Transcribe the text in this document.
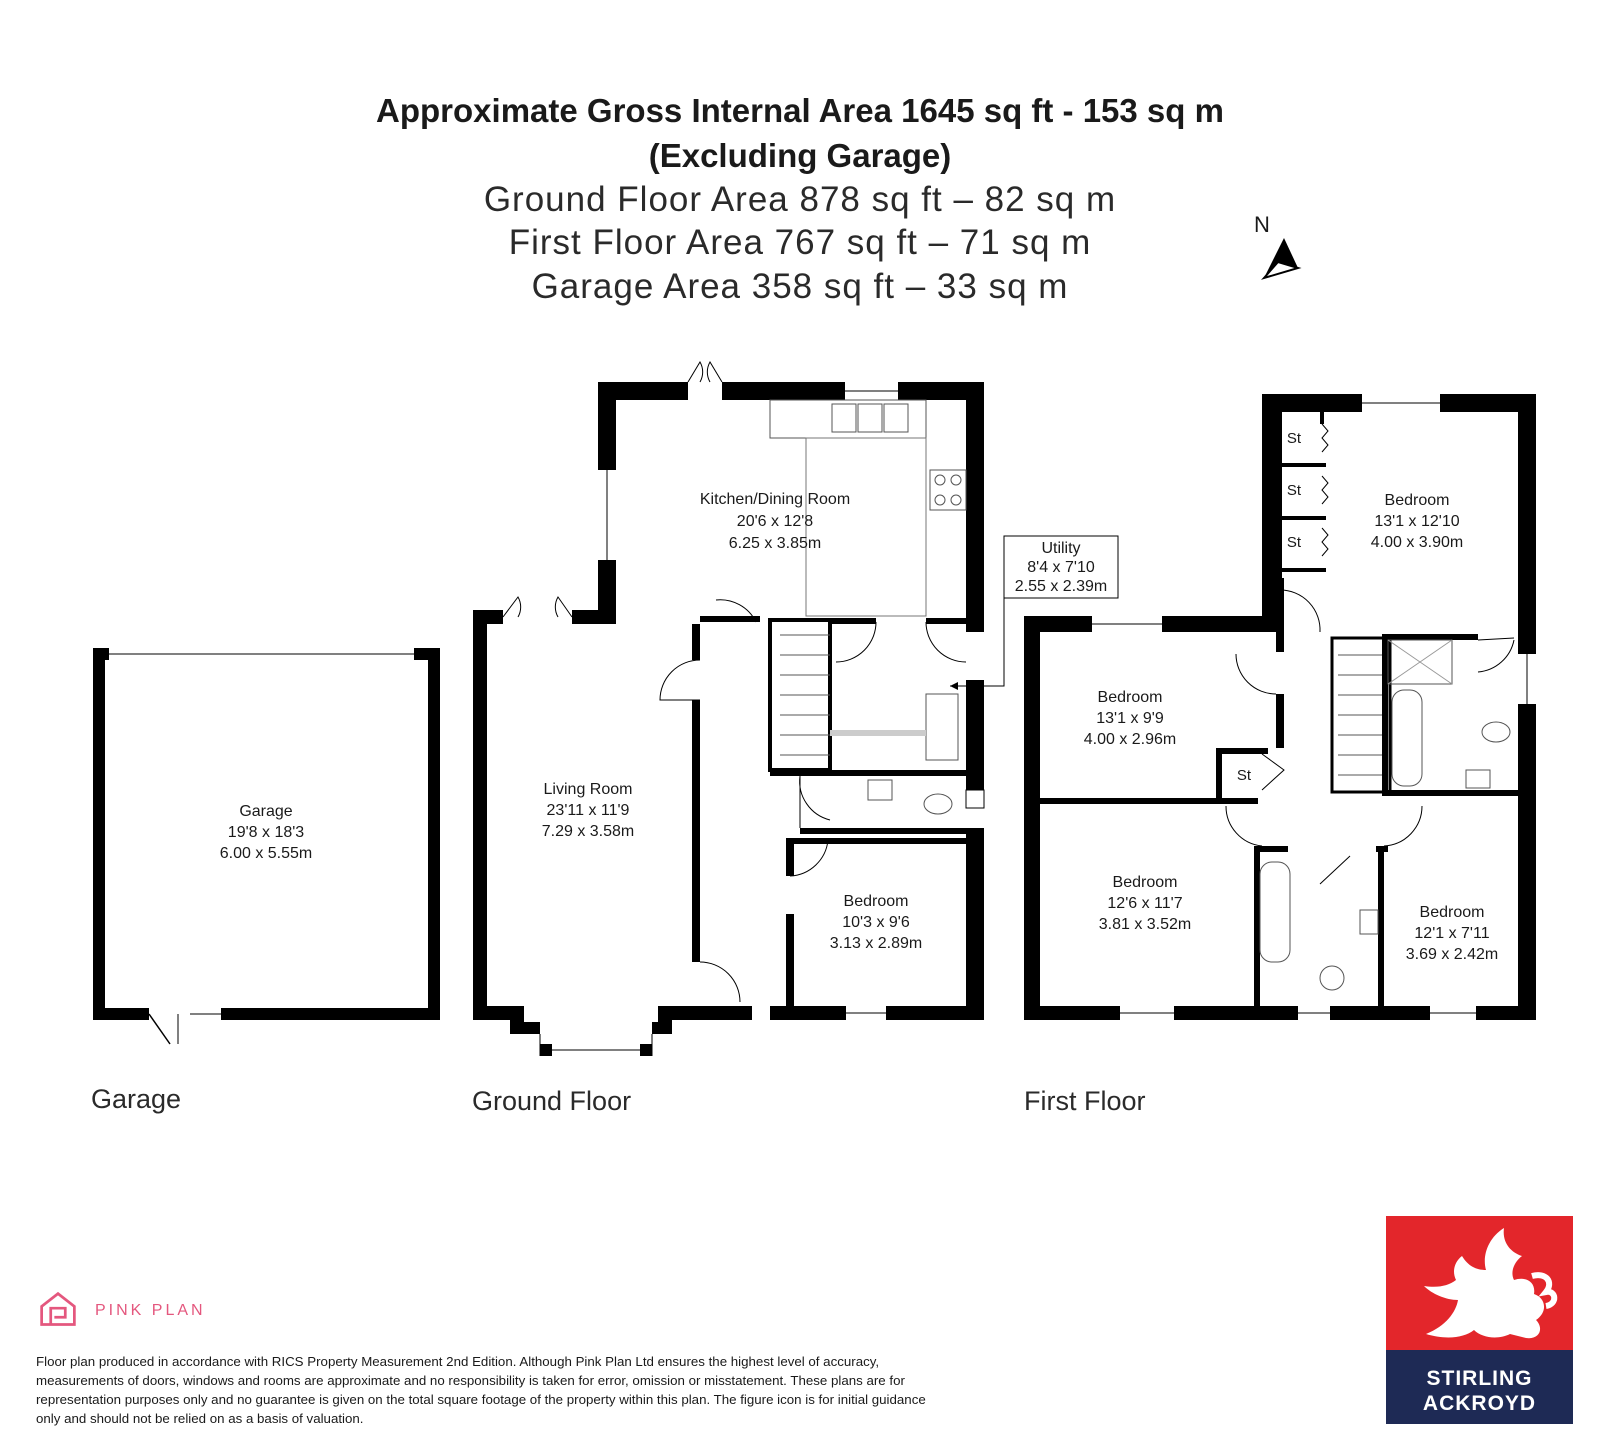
Approximate Gross Internal Area 1645 sq ft - 153 sq m
(Excluding Garage)
Ground Floor Area 878 sq ft – 82 sq m
First Floor Area 767 sq ft – 71 sq m
Garage Area 358 sq ft – 33 sq m
N
Garage
19'8 x 18'3
6.00 x 5.55m
Kitchen/Dining Room
20'6 x 12'8
6.25 x 3.85m
Living Room
23'11 x 11'9
7.29 x 3.58m
Bedroom
10'3 x 9'6
3.13 x 2.89m
Utility
8'4 x 7'10
2.55 x 2.39m
St
St
St
St
Bedroom
13'1 x 12'10
4.00 x 3.90m
Bedroom
13'1 x 9'9
4.00 x 2.96m
Bedroom
12'6 x 11'7
3.81 x 3.52m
Bedroom
12'1 x 7'11
3.69 x 2.42m
Garage	Ground Floor	First Floor
PINK PLAN
Floor plan produced in accordance with RICS Property Measurement 2nd Edition. Although Pink Plan Ltd ensures the highest level of accuracy, measurements of doors, windows and rooms are approximate and no responsibility is taken for error, omission or misstatement. These plans are for representation purposes only and no guarantee is given on the total square footage of the property within this plan. The figure icon is for initial guidance only and should not be relied on as a basis of valuation.
STIRLING
ACKROYD
